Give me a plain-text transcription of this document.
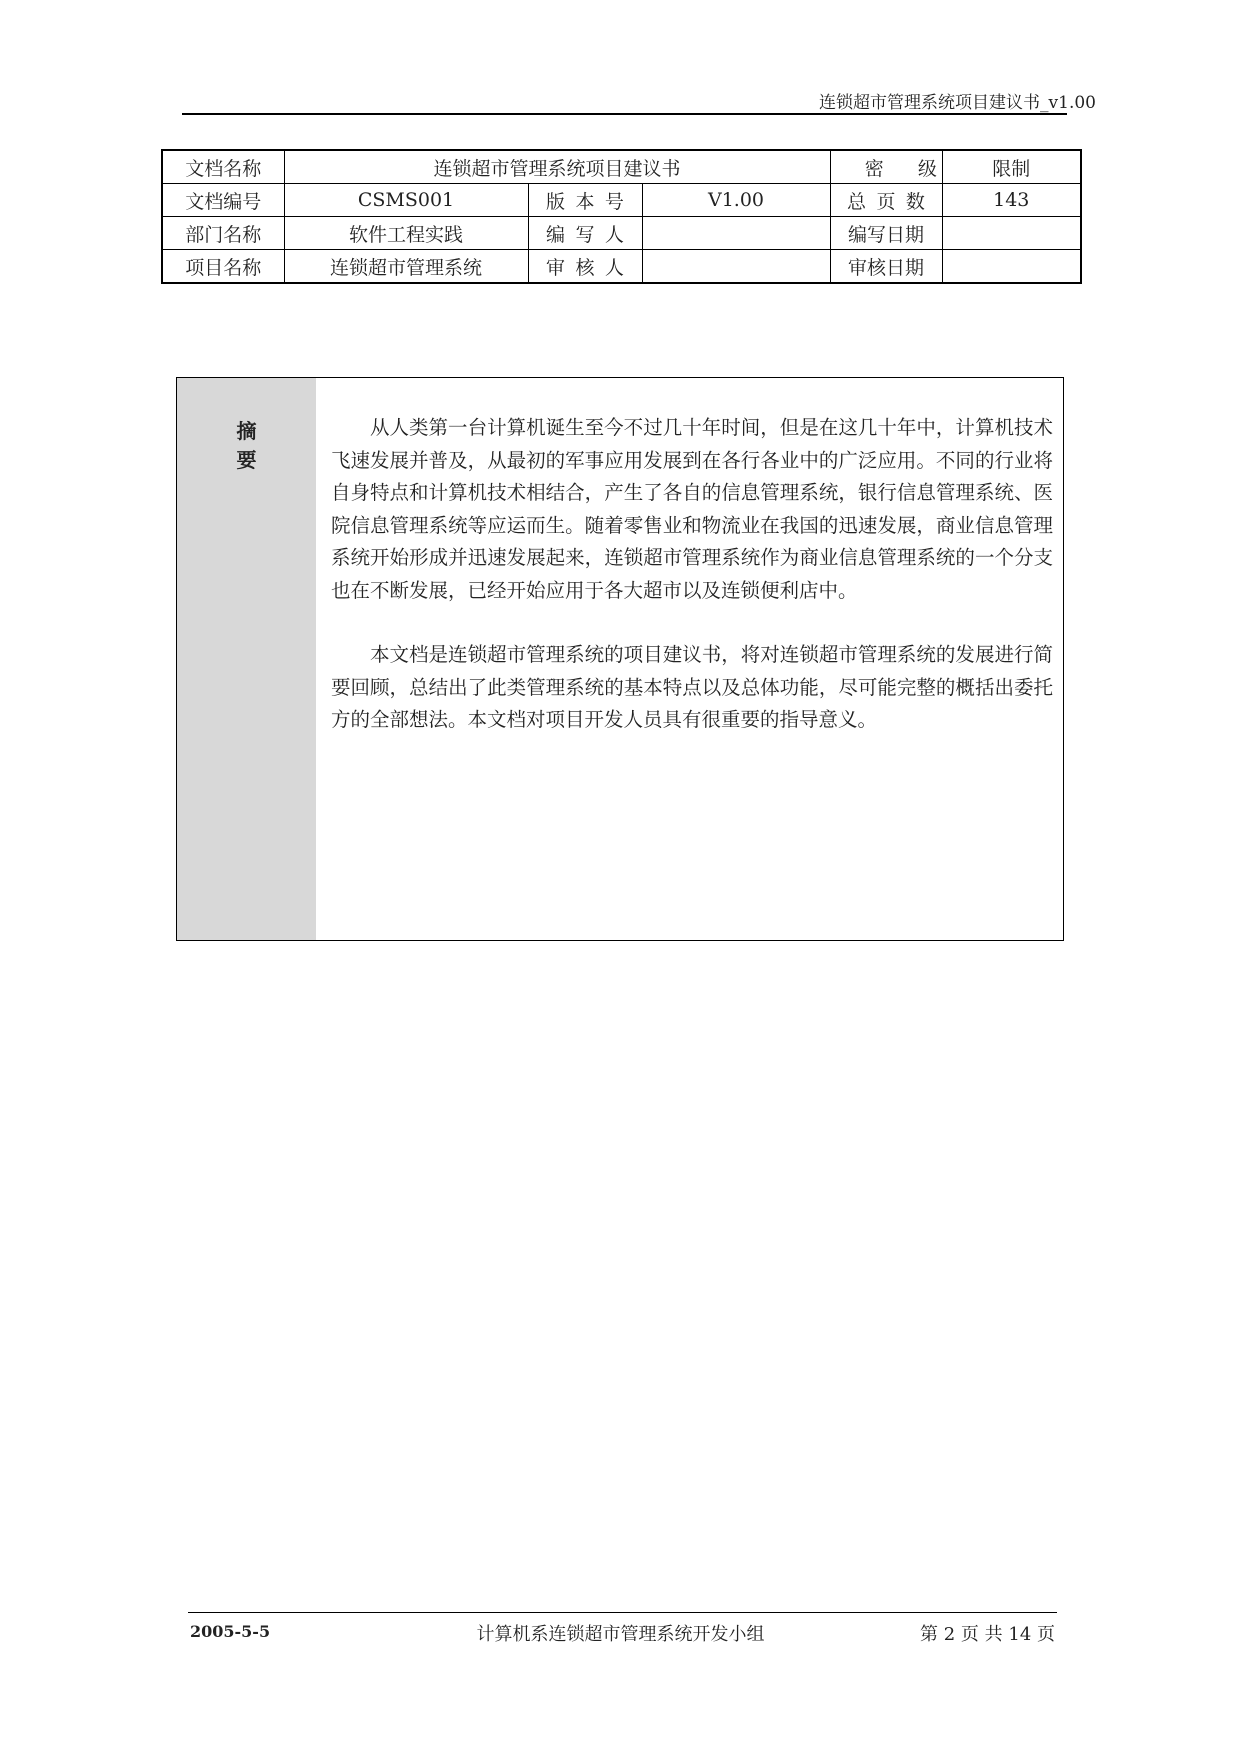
连锁超市管理系统项目建议书_v1.00
文档名称	连锁超市管理系统项目建议书			密级	限制
文档编号	CSMS001	版本号	V1.00	总页数	143
部门名称	软件工程实践	编写人		编写日期	
项目名称	连锁超市管理系统	审核人		审核日期	
摘要

从人类第一台计算机诞生至今不过几十年时间，但是在这几十年中，计算机技术飞速发展并普及，从最初的军事应用发展到在各行各业中的广泛应用。不同的行业将自身特点和计算机技术相结合，产生了各自的信息管理系统，银行信息管理系统、医院信息管理系统等应运而生。随着零售业和物流业在我国的迅速发展，商业信息管理系统开始形成并迅速发展起来，连锁超市管理系统作为商业信息管理系统的一个分支也在不断发展，已经开始应用于各大超市以及连锁便利店中。

本文档是连锁超市管理系统的项目建议书，将对连锁超市管理系统的发展进行简要回顾，总结出了此类管理系统的基本特点以及总体功能，尽可能完整的概括出委托方的全部想法。本文档对项目开发人员具有很重要的指导意义。

2005-5-5	计算机系连锁超市管理系统开发小组	第 2 页 共 14 页
